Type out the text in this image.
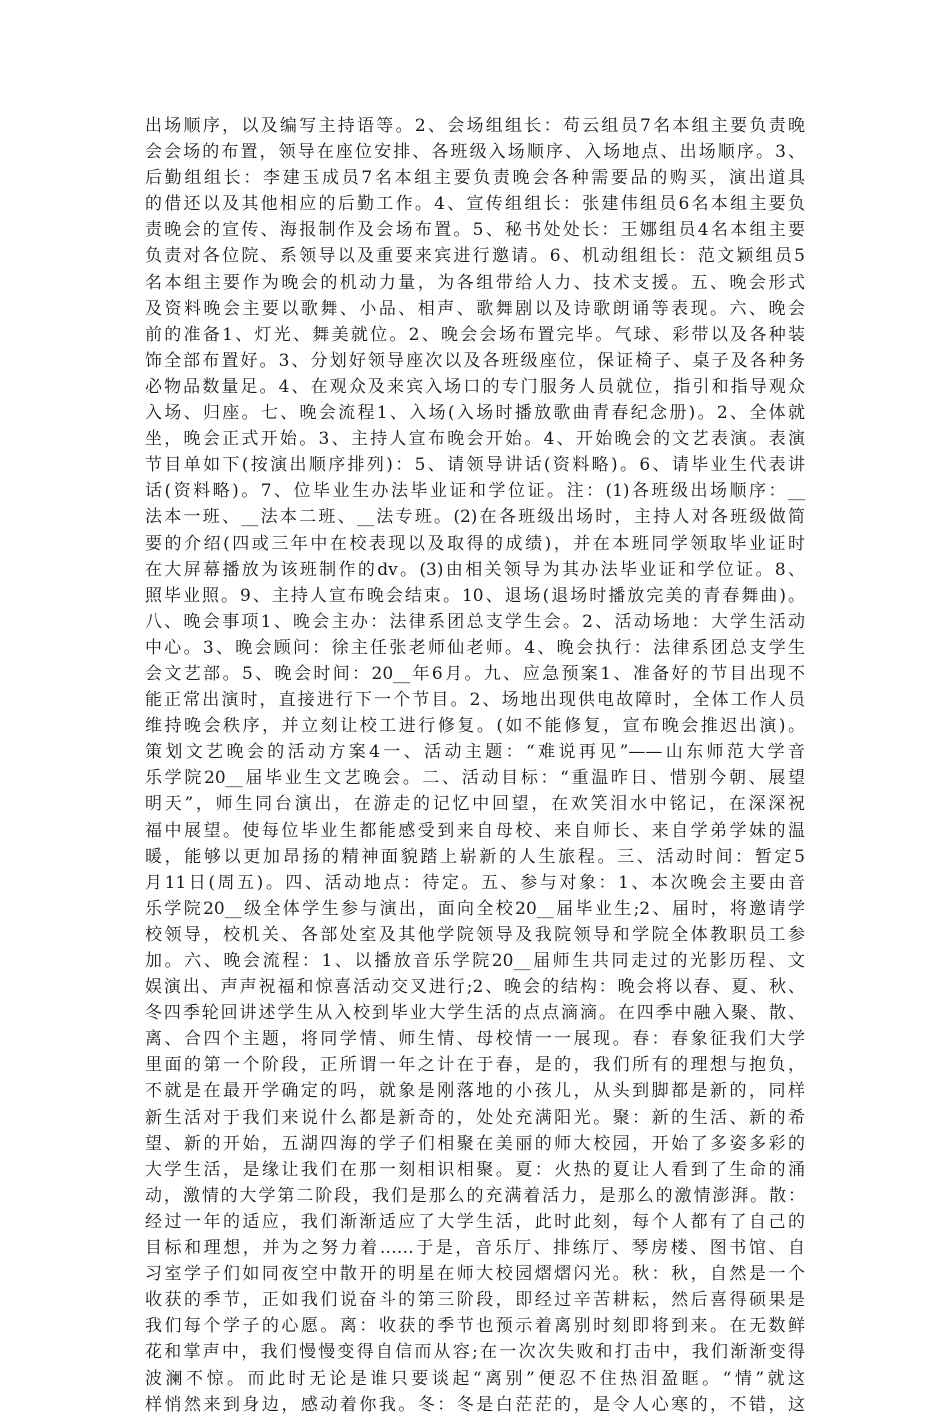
出场顺序，以及编写主持语等。2、会场组组长：苟云组员7名本组主要负责晚
会会场的布置，领导在座位安排、各班级入场顺序、入场地点、出场顺序。3、
后勤组组长：李建玉成员7名本组主要负责晚会各种需要品的购买，演出道具
的借还以及其他相应的后勤工作。4、宣传组组长：张建伟组员6名本组主要负
责晚会的宣传、海报制作及会场布置。5、秘书处处长：王娜组员4名本组主要
负责对各位院、系领导以及重要来宾进行邀请。6、机动组组长：范文颖组员5
名本组主要作为晚会的机动力量，为各组带给人力、技术支援。五、晚会形式
及资料晚会主要以歌舞、小品、相声、歌舞剧以及诗歌朗诵等表现。六、晚会
前的准备1、灯光、舞美就位。2、晚会会场布置完毕。气球、彩带以及各种装
饰全部布置好。3、分划好领导座次以及各班级座位，保证椅子、桌子及各种务
必物品数量足。4、在观众及来宾入场口的专门服务人员就位，指引和指导观众
入场、归座。七、晚会流程1、入场(入场时播放歌曲青春纪念册)。2、全体就
坐，晚会正式开始。3、主持人宣布晚会开始。4、开始晚会的文艺表演。表演
节目单如下(按演出顺序排列)：5、请领导讲话(资料略)。6、请毕业生代表讲
话(资料略)。7、位毕业生办法毕业证和学位证。注：(1)各班级出场顺序：__
法本一班、__法本二班、__法专班。(2)在各班级出场时，主持人对各班级做简
要的介绍(四或三年中在校表现以及取得的成绩)，并在本班同学领取毕业证时
在大屏幕播放为该班制作的dv。(3)由相关领导为其办法毕业证和学位证。8、
照毕业照。9、主持人宣布晚会结束。10、退场(退场时播放完美的青春舞曲)。
八、晚会事项1、晚会主办：法律系团总支学生会。2、活动场地：大学生活动
中心。3、晚会顾问：徐主任张老师仙老师。4、晚会执行：法律系团总支学生
会文艺部。5、晚会时间：20__年6月。九、应急预案1、准备好的节目出现不
能正常出演时，直接进行下一个节目。2、场地出现供电故障时，全体工作人员
维持晚会秩序，并立刻让校工进行修复。(如不能修复，宣布晚会推迟出演)。
策划文艺晚会的活动方案4一、活动主题：“难说再见”——山东师范大学音
乐学院20__届毕业生文艺晚会。二、活动目标：“重温昨日、惜别今朝、展望
明天”，师生同台演出，在游走的记忆中回望，在欢笑泪水中铭记，在深深祝
福中展望。使每位毕业生都能感受到来自母校、来自师长、来自学弟学妹的温
暖，能够以更加昂扬的精神面貌踏上崭新的人生旅程。三、活动时间：暂定5
月11日(周五)。四、活动地点：待定。五、参与对象：1、本次晚会主要由音
乐学院20__级全体学生参与演出，面向全校20__届毕业生;2、届时，将邀请学
校领导，校机关、各部处室及其他学院领导及我院领导和学院全体教职员工参
加。六、晚会流程：1、以播放音乐学院20__届师生共同走过的光影历程、文
娱演出、声声祝福和惊喜活动交叉进行;2、晚会的结构：晚会将以春、夏、秋、
冬四季轮回讲述学生从入校到毕业大学生活的点点滴滴。在四季中融入聚、散、
离、合四个主题，将同学情、师生情、母校情一一展现。春：春象征我们大学
里面的第一个阶段，正所谓一年之计在于春，是的，我们所有的理想与抱负，
不就是在最开学确定的吗，就象是刚落地的小孩儿，从头到脚都是新的，同样
新生活对于我们来说什么都是新奇的，处处充满阳光。聚：新的生活、新的希
望、新的开始，五湖四海的学子们相聚在美丽的师大校园，开始了多姿多彩的
大学生活，是缘让我们在那一刻相识相聚。夏：火热的夏让人看到了生命的涌
动，激情的大学第二阶段，我们是那么的充满着活力，是那么的激情澎湃。散：
经过一年的适应，我们渐渐适应了大学生活，此时此刻，每个人都有了自己的
目标和理想，并为之努力着……于是，音乐厅、排练厅、琴房楼、图书馆、自
习室学子们如同夜空中散开的明星在师大校园熠熠闪光。秋：秋，自然是一个
收获的季节，正如我们说奋斗的第三阶段，即经过辛苦耕耘，然后喜得硕果是
我们每个学子的心愿。离：收获的季节也预示着离别时刻即将到来。在无数鲜
花和掌声中，我们慢慢变得自信而从容;在一次次失败和打击中，我们渐渐变得
波澜不惊。而此时无论是谁只要谈起“离别”便忍不住热泪盈眶。“情”就这
样悄然来到身边，感动着你我。冬：冬是白茫茫的，是令人心寒的，不错，这
